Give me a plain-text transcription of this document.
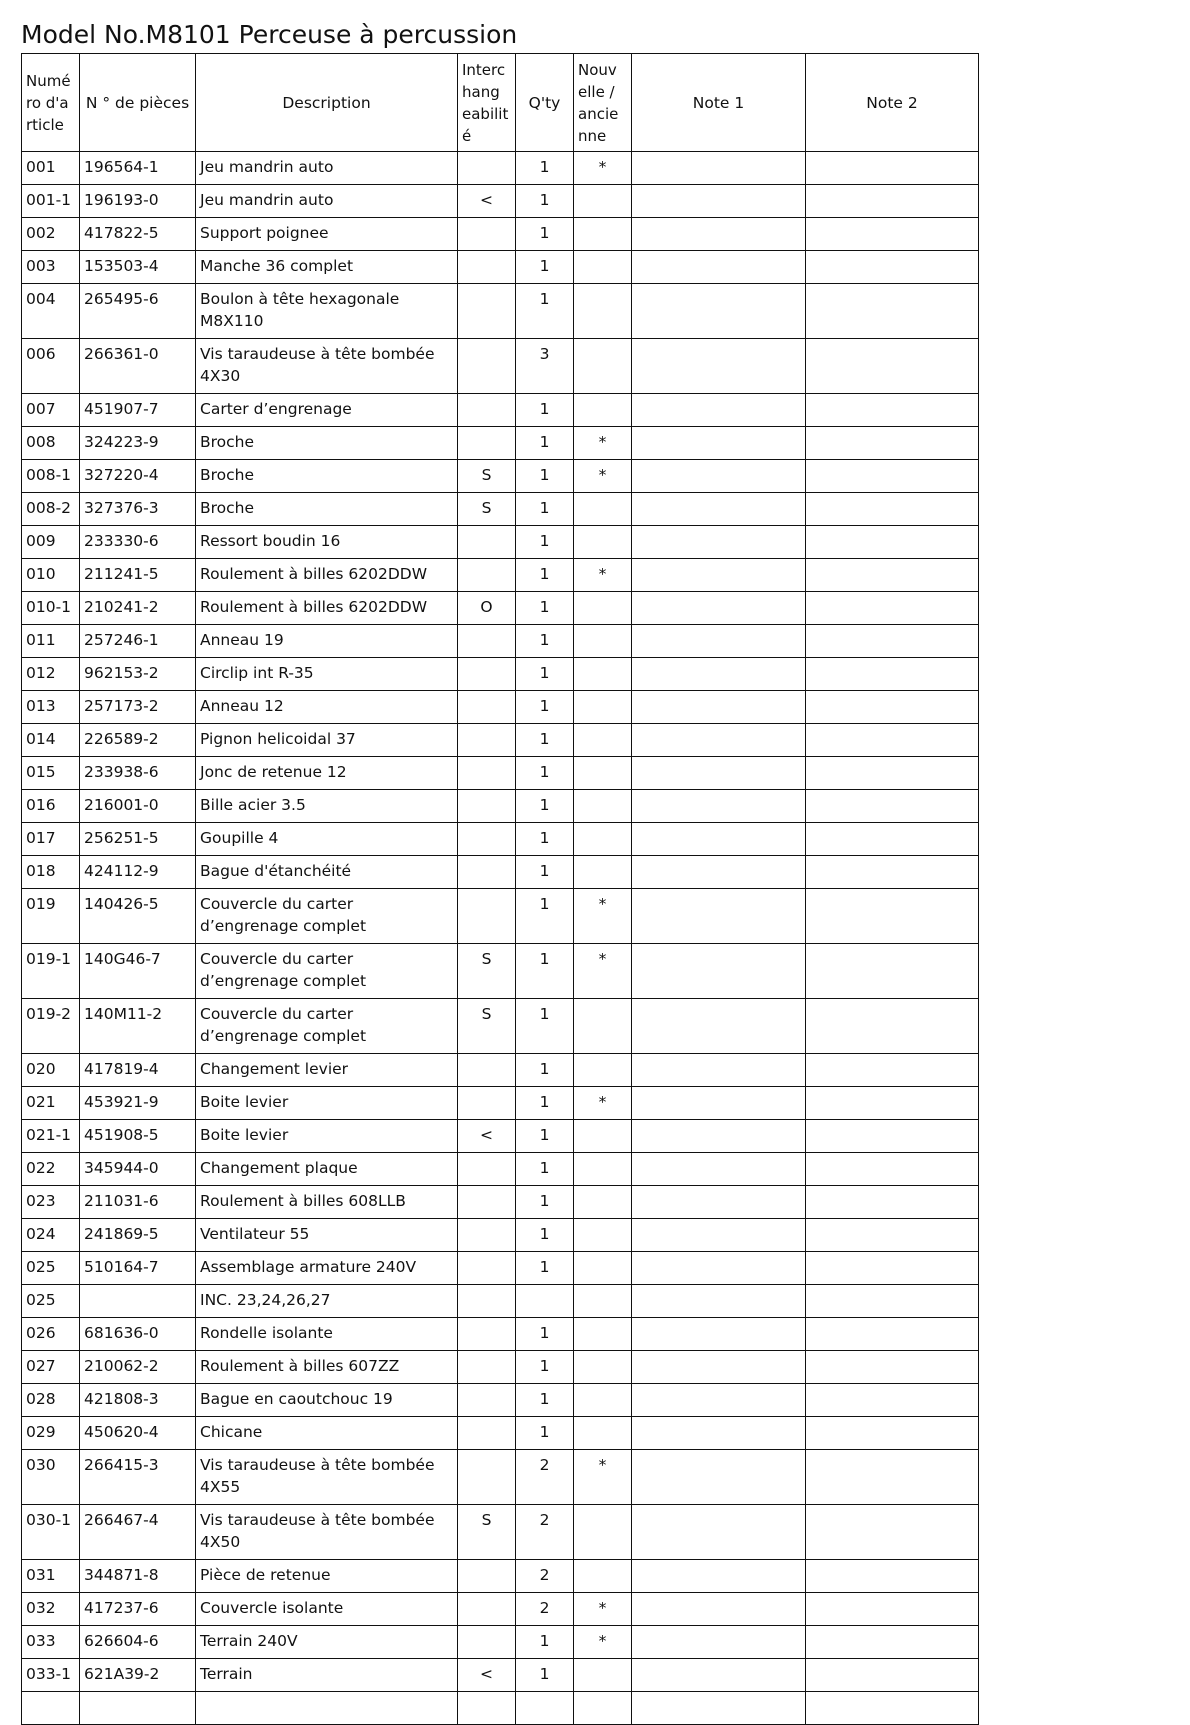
Model No.M8101 Perceuse à percussion
Numé ro d'a rticle	N ° de pièces	Description	Interc hang eabilit é	Q'ty	Nouv elle / ancie nne	Note 1	Note 2
001	196564-1	Jeu mandrin auto		1	*		
001-1	196193-0	Jeu mandrin auto	<	1			
002	417822-5	Support poignee		1			
003	153503-4	Manche 36 complet		1			
004	265495-6	Boulon à tête hexagonale M8X110		1			
006	266361-0	Vis taraudeuse à tête bombée 4X30		3			
007	451907-7	Carter d’engrenage		1			
008	324223-9	Broche		1	*		
008-1	327220-4	Broche	S	1	*		
008-2	327376-3	Broche	S	1			
009	233330-6	Ressort boudin 16		1			
010	211241-5	Roulement à billes 6202DDW		1	*		
010-1	210241-2	Roulement à billes 6202DDW	O	1			
011	257246-1	Anneau 19		1			
012	962153-2	Circlip int R-35		1			
013	257173-2	Anneau 12		1			
014	226589-2	Pignon helicoidal 37		1			
015	233938-6	Jonc de retenue 12		1			
016	216001-0	Bille acier 3.5		1			
017	256251-5	Goupille 4		1			
018	424112-9	Bague d'étanchéité		1			
019	140426-5	Couvercle du carter d’engrenage complet		1	*		
019-1	140G46-7	Couvercle du carter d’engrenage complet	S	1	*		
019-2	140M11-2	Couvercle du carter d’engrenage complet	S	1			
020	417819-4	Changement levier		1			
021	453921-9	Boite levier		1	*		
021-1	451908-5	Boite levier	<	1			
022	345944-0	Changement plaque		1			
023	211031-6	Roulement à billes 608LLB		1			
024	241869-5	Ventilateur 55		1			
025	510164-7	Assemblage armature 240V		1			
025		INC. 23,24,26,27					
026	681636-0	Rondelle isolante		1			
027	210062-2	Roulement à billes 607ZZ		1			
028	421808-3	Bague en caoutchouc 19		1			
029	450620-4	Chicane		1			
030	266415-3	Vis taraudeuse à tête bombée 4X55		2	*		
030-1	266467-4	Vis taraudeuse à tête bombée 4X50	S	2			
031	344871-8	Pièce de retenue		2			
032	417237-6	Couvercle isolante		2	*		
033	626604-6	Terrain 240V		1	*		
033-1	621A39-2	Terrain	<	1			
